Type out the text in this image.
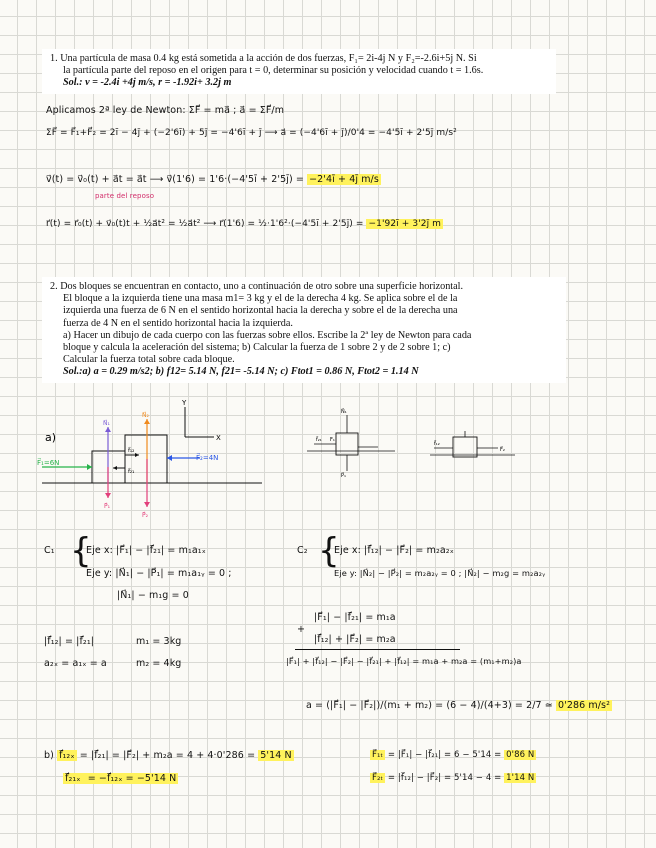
1. Una partícula de masa 0.4 kg está sometida a la acción de dos fuerzas, F₁= 2i-4j N y F₂=-2.6i+5j N. Si

la partícula parte del reposo en el origen para t = 0, determinar su posición y velocidad cuando t = 1.6s.

Sol.: v = -2.4i +4j m/s, r = -1.92i+ 3.2j m

Aplicamos 2ª ley de Newton: ΣF⃗ = ma⃗ ; a⃗ = ΣF⃗/m
ΣF⃗ = F⃗₁+F⃗₂ = 2ī − 4ȷ̄ + (−2'6ī) + 5ȷ̄ = −4'6ī + ȷ̄ ⟶ a⃗ = (−4'6ī + ȷ̄)/0'4 = −4'5ī + 2'5ȷ̄ m/s²
v⃗(t) = v⃗₀(t) + a⃗t = a⃗t ⟶ v⃗(1'6) = 1'6·(−4'5ī + 2'5ȷ̄) = −2'4ī + 4ȷ̄ m/s
parte del reposo
r⃗(t) = r⃗₀(t) + v⃗₀(t)t + ½a⃗t² = ½a⃗t² ⟶ r⃗(1'6) = ½·1'6²·(−4'5ī + 2'5ȷ̄) = −1'92ī + 3'2ȷ̄ m

2. Dos bloques se encuentran en contacto, uno a continuación de otro sobre una superficie horizontal.

El bloque a la izquierda tiene una masa m1= 3 kg y el de la derecha 4 kg. Se aplica sobre el de la

izquierda una fuerza de 6 N en el sentido horizontal hacia la derecha y sobre el de la derecha una

fuerza de 4 N en el sentido horizontal hacia la izquierda.

a) Hacer un dibujo de cada cuerpo con las fuerzas sobre ellos. Escribe la 2ª ley de Newton para cada

bloque y calcula la aceleración del sistema; b) Calcular la fuerza de 1 sobre 2 y de 2 sobre 1; c)

Calcular la fuerza total sobre cada bloque.

Sol.:a) a = 0.29 m/s2; b) f12= 5.14 N, f21= -5.14 N; c) Ftot1 = 0.86 N, Ftot2 = 1.14 N

a)
Y
X
F⃗₁=6N
F⃗₂=4N
N⃗₁
P⃗₁
N⃗₂
P⃗₂
f⃗₁₂
f⃗₂₁
N⃗₁
P⃗₁
f⃗₂₁ F₁
f⃗₁₂
F⃗₂
C₁ {
Eje x: |F⃗₁| − |f⃗₂₁| = m₁a₁ₓ
Eje y: |N⃗₁| − |P⃗₁| = m₁a₁ᵧ = 0 ;
|N⃗₁| − m₁g = 0
C₂ {
Eje x: |f⃗₁₂| − |F⃗₂| = m₂a₂ₓ
Eje y: |N⃗₂| − |P⃗₂| = m₂a₂ᵧ = 0 ; |N⃗₂| − m₂g = m₂a₂ᵧ
|f⃗₁₂| = |f⃗₂₁|
a₂ₓ = a₁ₓ = a
m₁ = 3kg
m₂ = 4kg
|F⃗₁| − |f⃗₂₁| = m₁a
+
|f⃗₁₂| + |F⃗₂| = m₂a
|F⃗₁| + |f⃗₁₂| − |F⃗₂| − |f⃗₂₁| + |f⃗₁₂| = m₁a + m₂a = (m₁+m₂)a
a = (|F⃗₁| − |F⃗₂|)/(m₁ + m₂) = (6 − 4)/(4+3) = 2/7 ≃ 0'286 m/s²
b) f⃗₁₂ₓ = |f⃗₂₁| = |F⃗₂| + m₂a = 4 + 4·0'286 = 5'14 N
f⃗₂₁ₓ = −f⃗₁₂ₓ = −5'14 N
F⃗₁ₜ = |F⃗₁| − |f⃗₂₁| = 6 − 5'14 = 0'86 N
F⃗₂ₜ = |f⃗₁₂| − |F⃗₂| = 5'14 − 4 = 1'14 N
